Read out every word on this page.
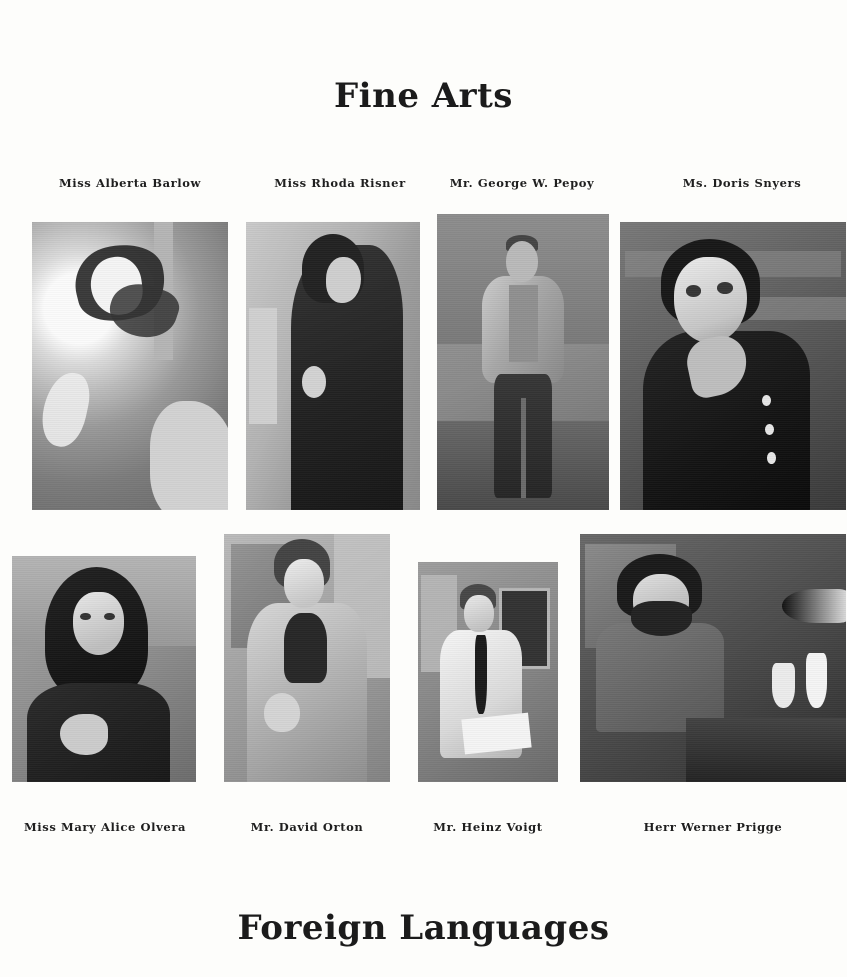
Fine Arts
Miss Alberta Barlow	Miss Rhoda Risner	Mr. George W. Pepoy	Ms. Doris Snyers
Miss Mary Alice Olvera	Mr. David Orton	Mr. Heinz Voigt	Herr Werner Prigge
Foreign Languages
